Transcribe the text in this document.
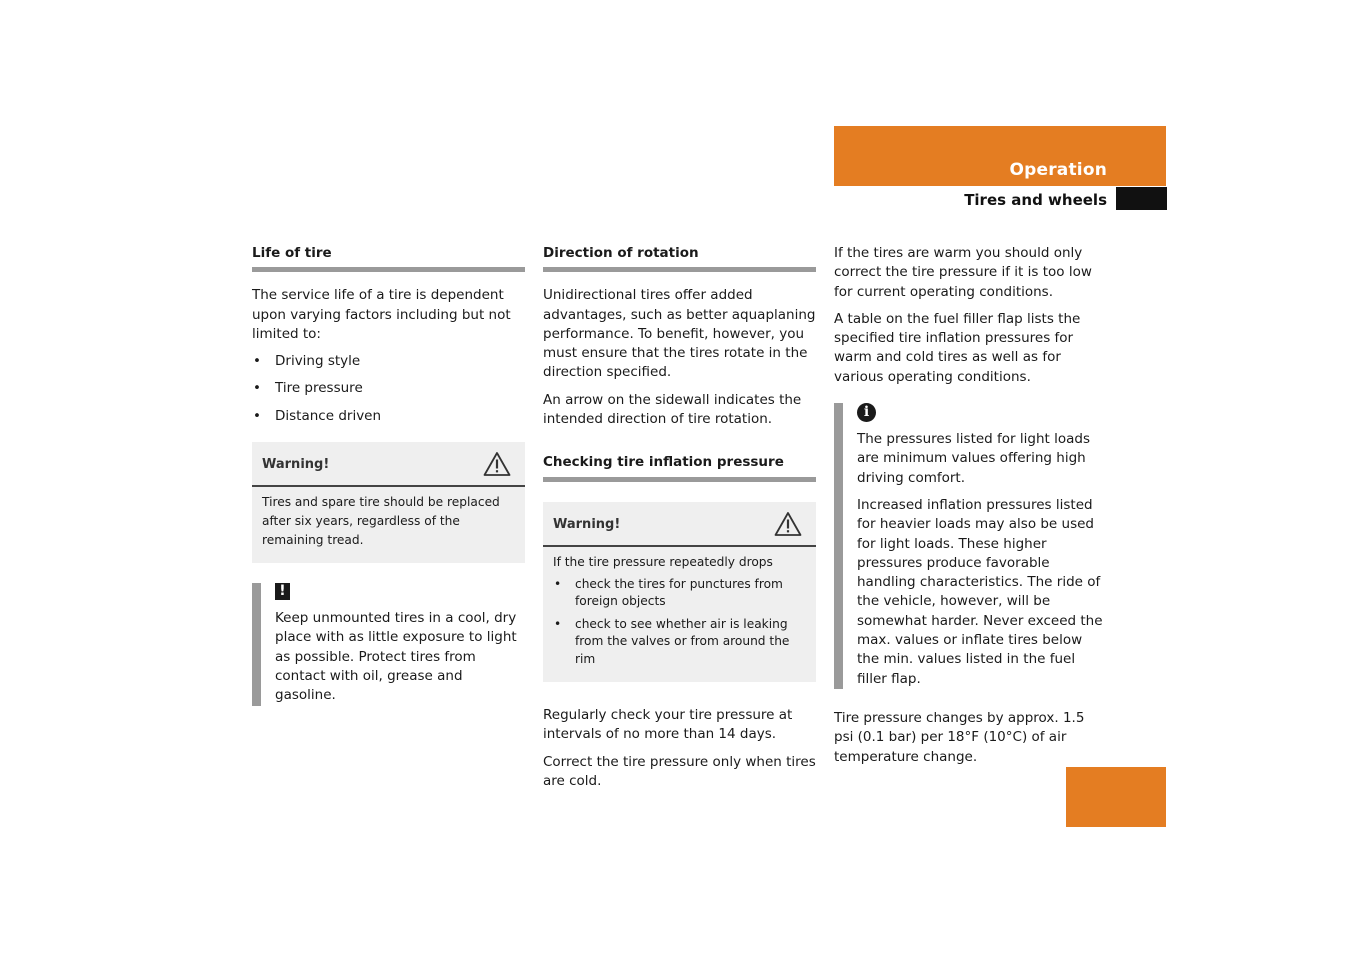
Operation
Tires and wheels
Life of tire

The service life of a tire is dependent upon varying factors including but not limited to:

• Driving style
• Tire pressure
• Distance driven
Warning!

Tires and spare tire should be replaced after six years, regardless of the remaining tread.

!

Keep unmounted tires in a cool, dry place with as little exposure to light as possible. Protect tires from contact with oil, grease and gasoline.

Direction of rotation

Unidirectional tires offer added advantages, such as better aquaplaning performance. To benefit, however, you must ensure that the tires rotate in the direction specified.

An arrow on the sidewall indicates the intended direction of tire rotation.

Checking tire inflation pressure
Warning!

If the tire pressure repeatedly drops

• check the tires for punctures from foreign objects
• check to see whether air is leaking from the valves or from around the rim

Regularly check your tire pressure at intervals of no more than 14 days.

Correct the tire pressure only when tires are cold.

If the tires are warm you should only correct the tire pressure if it is too low for current operating conditions.

A table on the fuel filler flap lists the specified tire inflation pressures for warm and cold tires as well as for various operating conditions.

i

The pressures listed for light loads are minimum values offering high driving comfort.

Increased inflation pressures listed for heavier loads may also be used for light loads. These higher pressures produce favorable handling characteristics. The ride of the vehicle, however, will be somewhat harder. Never exceed the max. values or inflate tires below the min. values listed in the fuel filler flap.

Tire pressure changes by approx. 1.5 psi (0.1 bar) per 18°F (10°C) of air temperature change.

243
